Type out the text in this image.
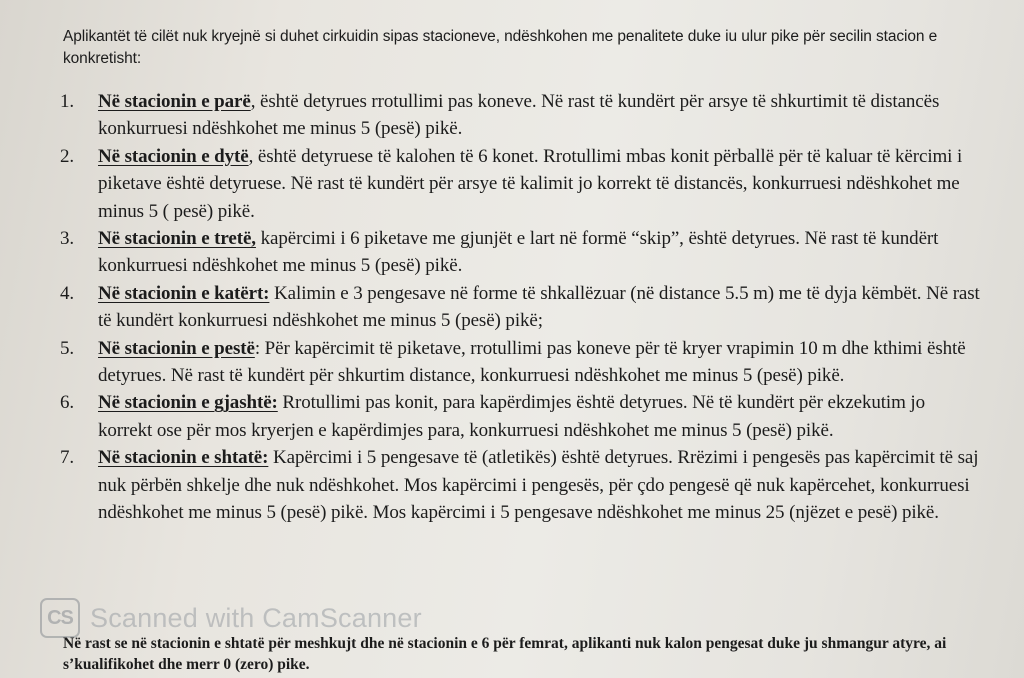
Aplikantët të cilët nuk kryejnë si duhet cirkuidin sipas stacioneve, ndëshkohen me penalitete duke iu ulur pike për secilin stacion e konkretisht:
1. Në stacionin e parë, është detyrues rrotullimi pas koneve. Në rast të kundërt për arsye të shkurtimit të distancës konkurruesi ndëshkohet me minus 5 (pesë) pikë.
2. Në stacionin e dytë, është detyruese të kalohen të 6 konet. Rrotullimi mbas konit përballë për të kaluar të kërcimi i piketave është detyruese. Në rast të kundërt për arsye të kalimit jo korrekt të distancës, konkurruesi ndëshkohet me minus 5 ( pesë) pikë.
3. Në stacionin e tretë, kapërcimi i 6 piketave me gjunjët e lart në formë “skip”, është detyrues. Në rast të kundërt konkurruesi ndëshkohet me minus 5 (pesë) pikë.
4. Në stacionin e katërt: Kalimin e 3 pengesave në forme të shkallëzuar (në distance 5.5 m) me të dyja këmbët. Në rast të kundërt konkurruesi ndëshkohet me minus 5 (pesë) pikë;
5. Në stacionin e pestë: Për kapërcimit të piketave, rrotullimi pas koneve për të kryer vrapimin 10 m dhe kthimi është detyrues. Në rast të kundërt për shkurtim distance, konkurruesi ndëshkohet me minus 5 (pesë) pikë.
6. Në stacionin e gjashtë: Rrotullimi pas konit, para kapërdimjes është detyrues. Në të kundërt për ekzekutim jo korrekt ose për mos kryerjen e kapërdimjes para, konkurruesi ndëshkohet me minus 5 (pesë) pikë.
7. Në stacionin e shtatë: Kapërcimi i 5 pengesave të (atletikës) është detyrues. Rrëzimi i pengesës pas kapërcimit të saj nuk përbën shkelje dhe nuk ndëshkohet. Mos kapërcimi i pengesës, për çdo pengesë që nuk kapërcehet, konkurruesi ndëshkohet me minus 5 (pesë) pikë. Mos kapërcimi i 5 pengesave ndëshkohet me minus 25 (njëzet e pesë) pikë.
CS Scanned with CamScanner
Në rast se në stacionin e shtatë për meshkujt dhe në stacionin e 6 për femrat, aplikanti nuk kalon pengesat duke ju shmangur atyre, ai s’kualifikohet dhe merr 0 (zero) pike.
